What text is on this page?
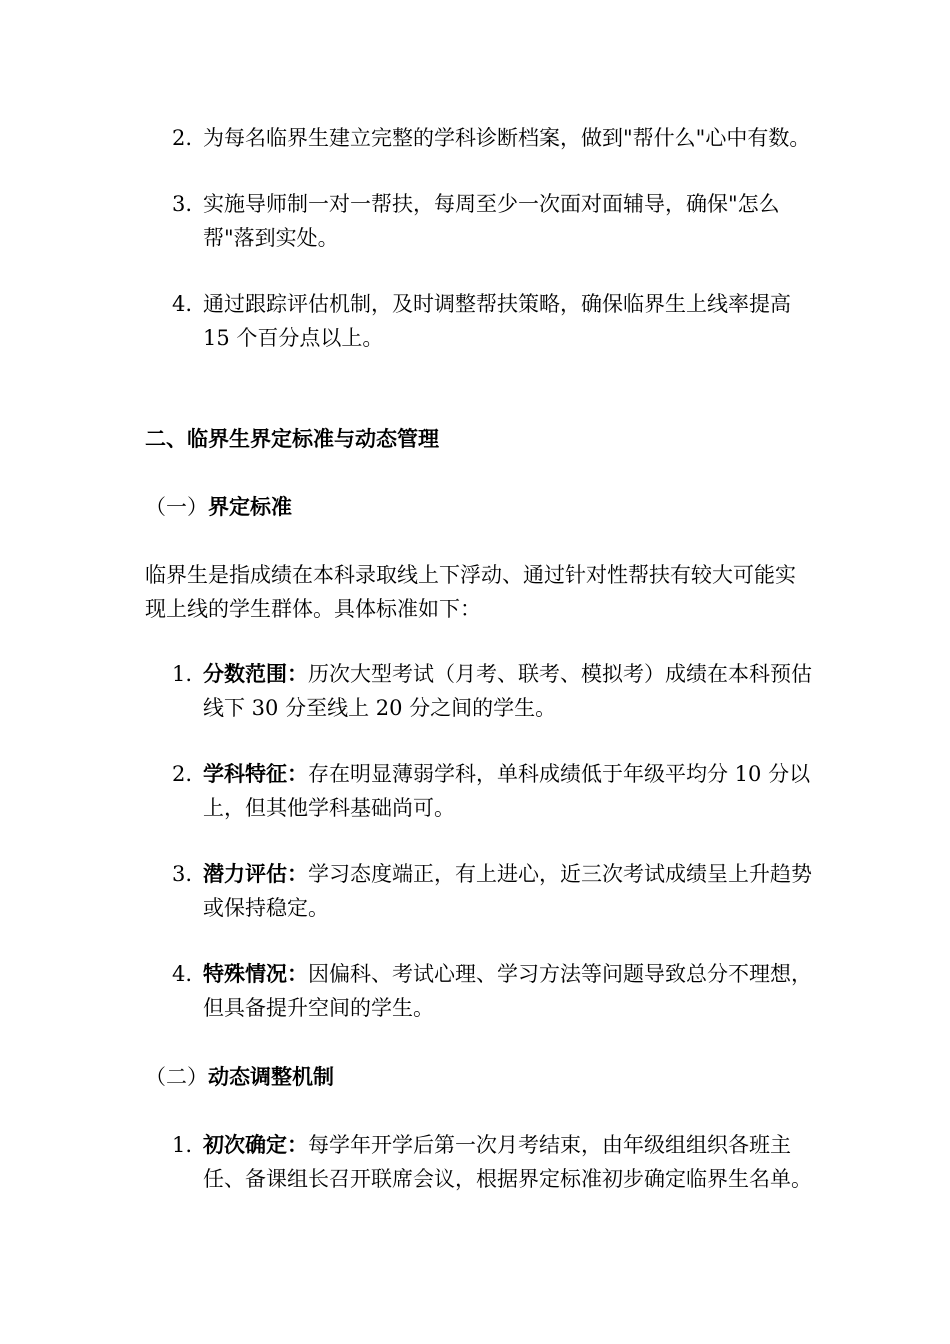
2. 为每名临界生建立完整的学科诊断档案，做到"帮什么"心中有数。
3. 实施导师制一对一帮扶，每周至少一次面对面辅导，确保"怎么帮"落到实处。
4. 通过跟踪评估机制，及时调整帮扶策略，确保临界生上线率提高 15 个百分点以上。
二、临界生界定标准与动态管理
（一）界定标准

临界生是指成绩在本科录取线上下浮动、通过针对性帮扶有较大可能实现上线的学生群体。具体标准如下：

1. 分数范围：历次大型考试（月考、联考、模拟考）成绩在本科预估线下 30 分至线上 20 分之间的学生。
2. 学科特征：存在明显薄弱学科，单科成绩低于年级平均分 10 分以上，但其他学科基础尚可。
3. 潜力评估：学习态度端正，有上进心，近三次考试成绩呈上升趋势或保持稳定。
4. 特殊情况：因偏科、考试心理、学习方法等问题导致总分不理想，但具备提升空间的学生。
（二）动态调整机制
1. 初次确定：每学年开学后第一次月考结束，由年级组组织各班主任、备课组长召开联席会议，根据界定标准初步确定临界生名单。
